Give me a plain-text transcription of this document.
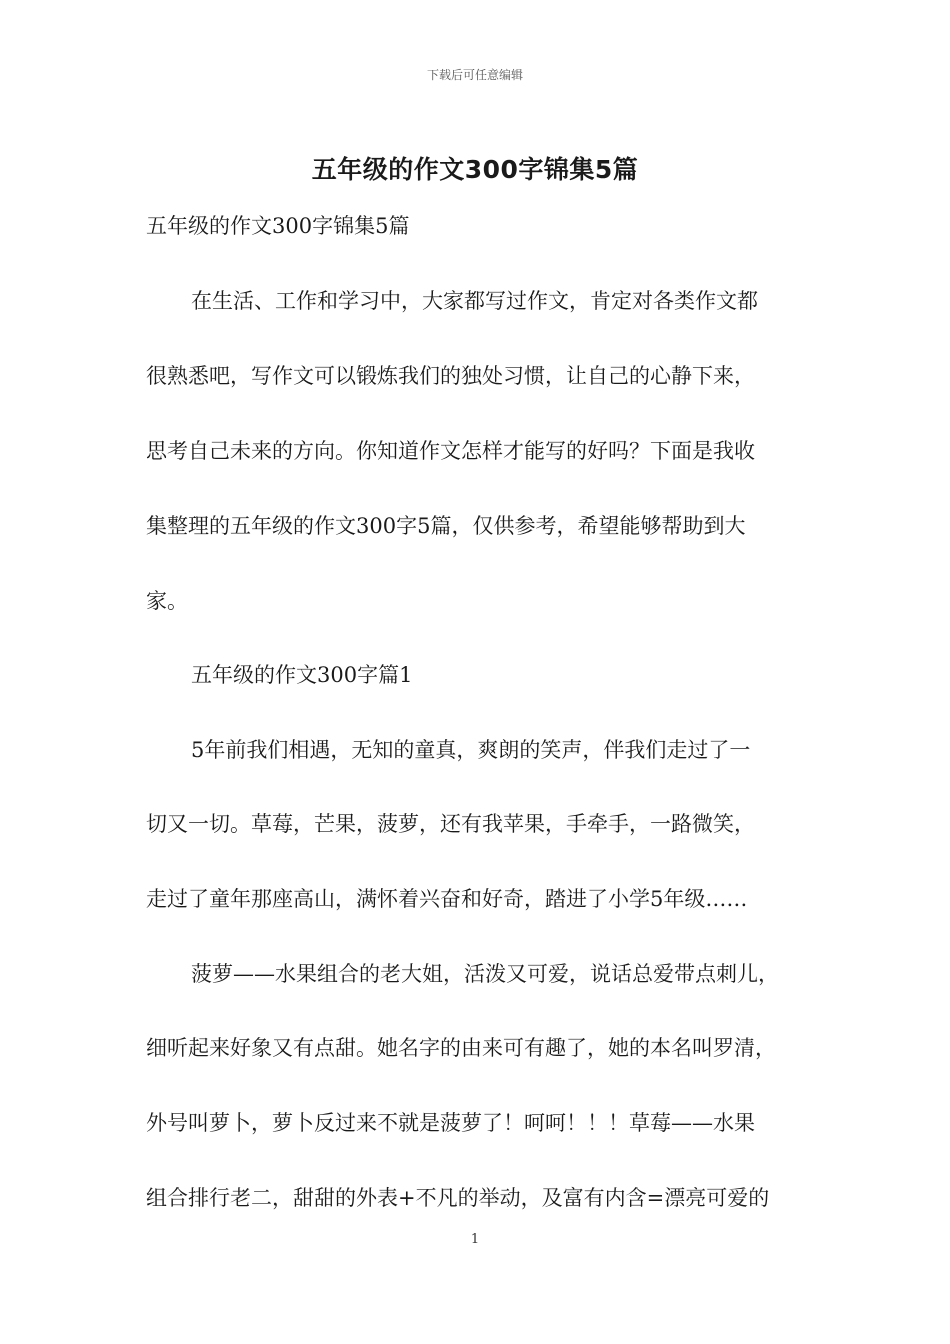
下载后可任意编辑
五年级的作文300字锦集5篇
五年级的作文300字锦集5篇
在生活、工作和学习中，大家都写过作文，肯定对各类作文都
很熟悉吧，写作文可以锻炼我们的独处习惯，让自己的心静下来，
思考自己未来的方向。你知道作文怎样才能写的好吗？下面是我收
集整理的五年级的作文300字5篇，仅供参考，希望能够帮助到大
家。
五年级的作文300字篇1
5年前我们相遇，无知的童真，爽朗的笑声，伴我们走过了一
切又一切。草莓，芒果，菠萝，还有我苹果，手牵手，一路微笑，
走过了童年那座高山，满怀着兴奋和好奇，踏进了小学5年级……
菠萝——水果组合的老大姐，活泼又可爱，说话总爱带点刺儿，
细听起来好象又有点甜。她名字的由来可有趣了，她的本名叫罗清，
外号叫萝卜，萝卜反过来不就是菠萝了！呵呵！！！草莓——水果
组合排行老二，甜甜的外表+不凡的举动，及富有内含=漂亮可爱的
1
